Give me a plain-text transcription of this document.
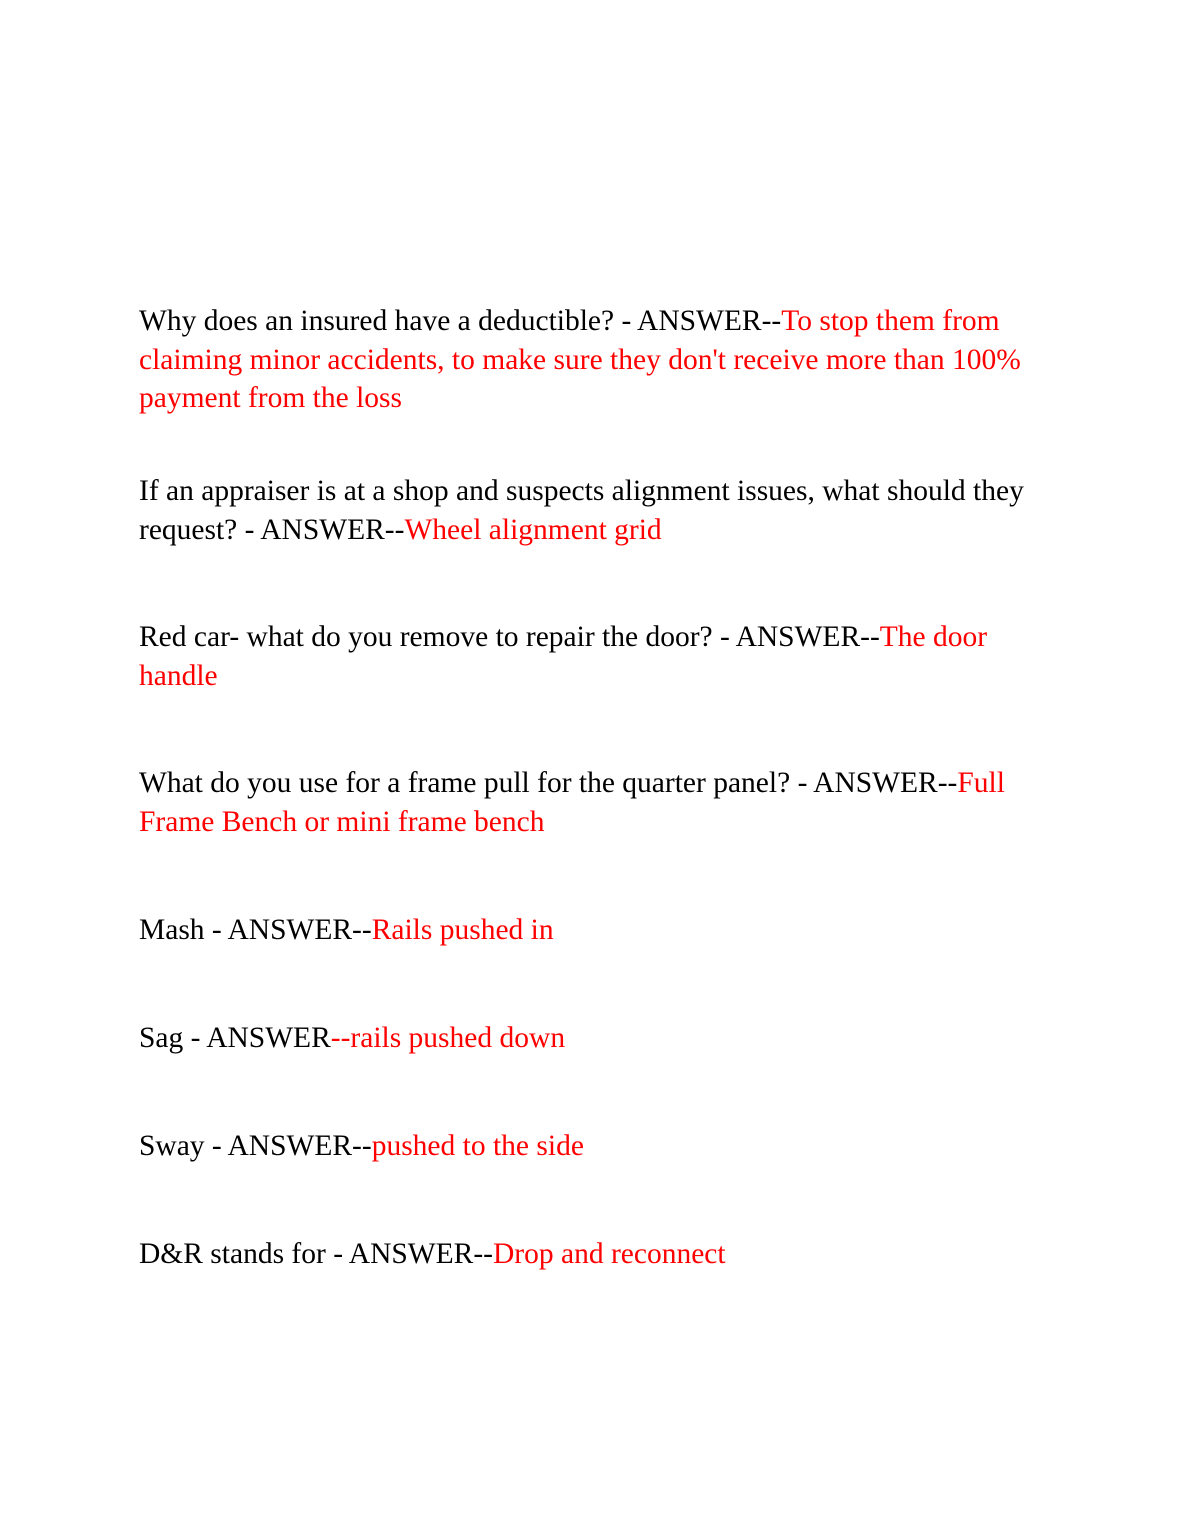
Why does an insured have a deductible? - ANSWER--To stop them from claiming minor accidents, to make sure they don't receive more than 100% payment from the loss

If an appraiser is at a shop and suspects alignment issues, what should they request? - ANSWER--Wheel alignment grid

Red car- what do you remove to repair the door? - ANSWER--The door handle

What do you use for a frame pull for the quarter panel? - ANSWER--Full Frame Bench or mini frame bench

Mash - ANSWER--Rails pushed in

Sag - ANSWER--rails pushed down

Sway - ANSWER--pushed to the side

D&R stands for - ANSWER--Drop and reconnect
